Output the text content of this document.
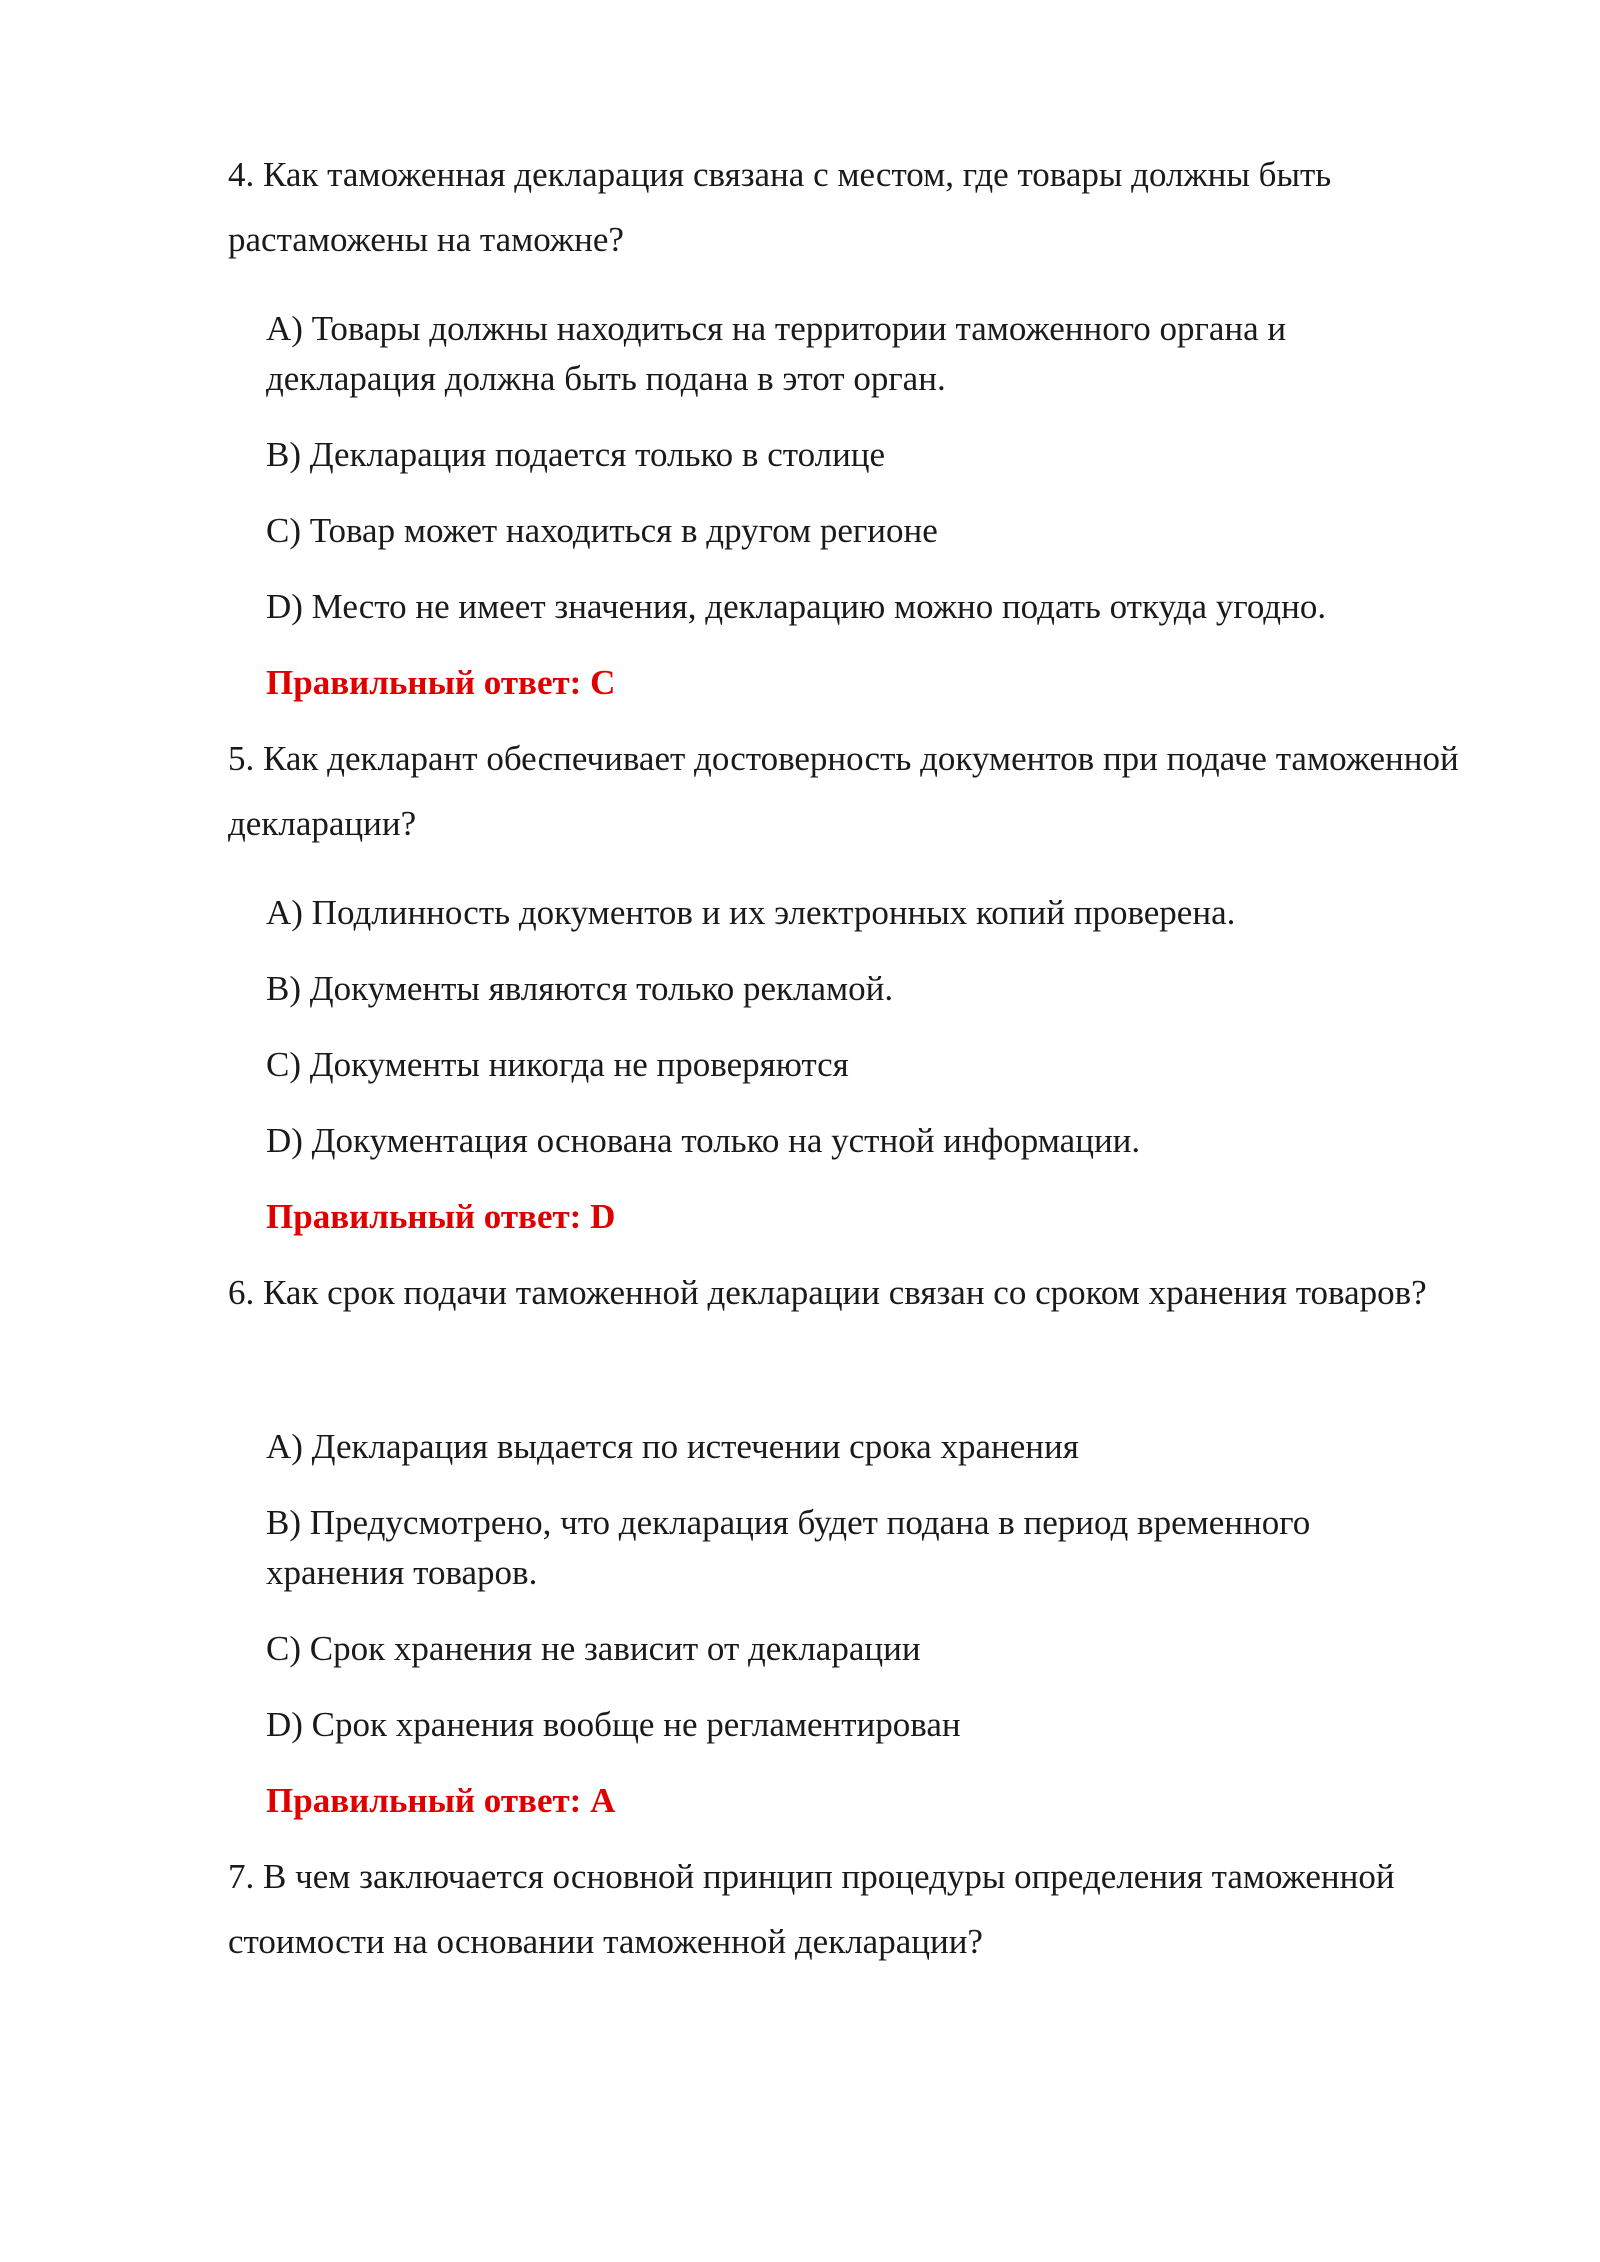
4. Как таможенная декларация связана с местом, где товары должны быть растаможены на таможне?
A) Товары должны находиться на территории таможенного органа и декларация должна быть подана в этот орган.
B) Декларация подается только в столице
C) Товар может находиться в другом регионе
D) Место не имеет значения, декларацию можно подать откуда угодно.
Правильный ответ: C
5. Как декларант обеспечивает достоверность документов при подаче таможенной декларации?
A) Подлинность документов и их электронных копий проверена.
B) Документы являются только рекламой.
C) Документы никогда не проверяются
D) Документация основана только на устной информации.
Правильный ответ: D
6. Как срок подачи таможенной декларации связан со сроком хранения товаров?
A) Декларация выдается по истечении срока хранения
B) Предусмотрено, что декларация будет подана в период временного хранения товаров.
C) Срок хранения не зависит от декларации
D) Срок хранения вообще не регламентирован
Правильный ответ: A
7. В чем заключается основной принцип процедуры определения таможенной стоимости на основании таможенной декларации?
